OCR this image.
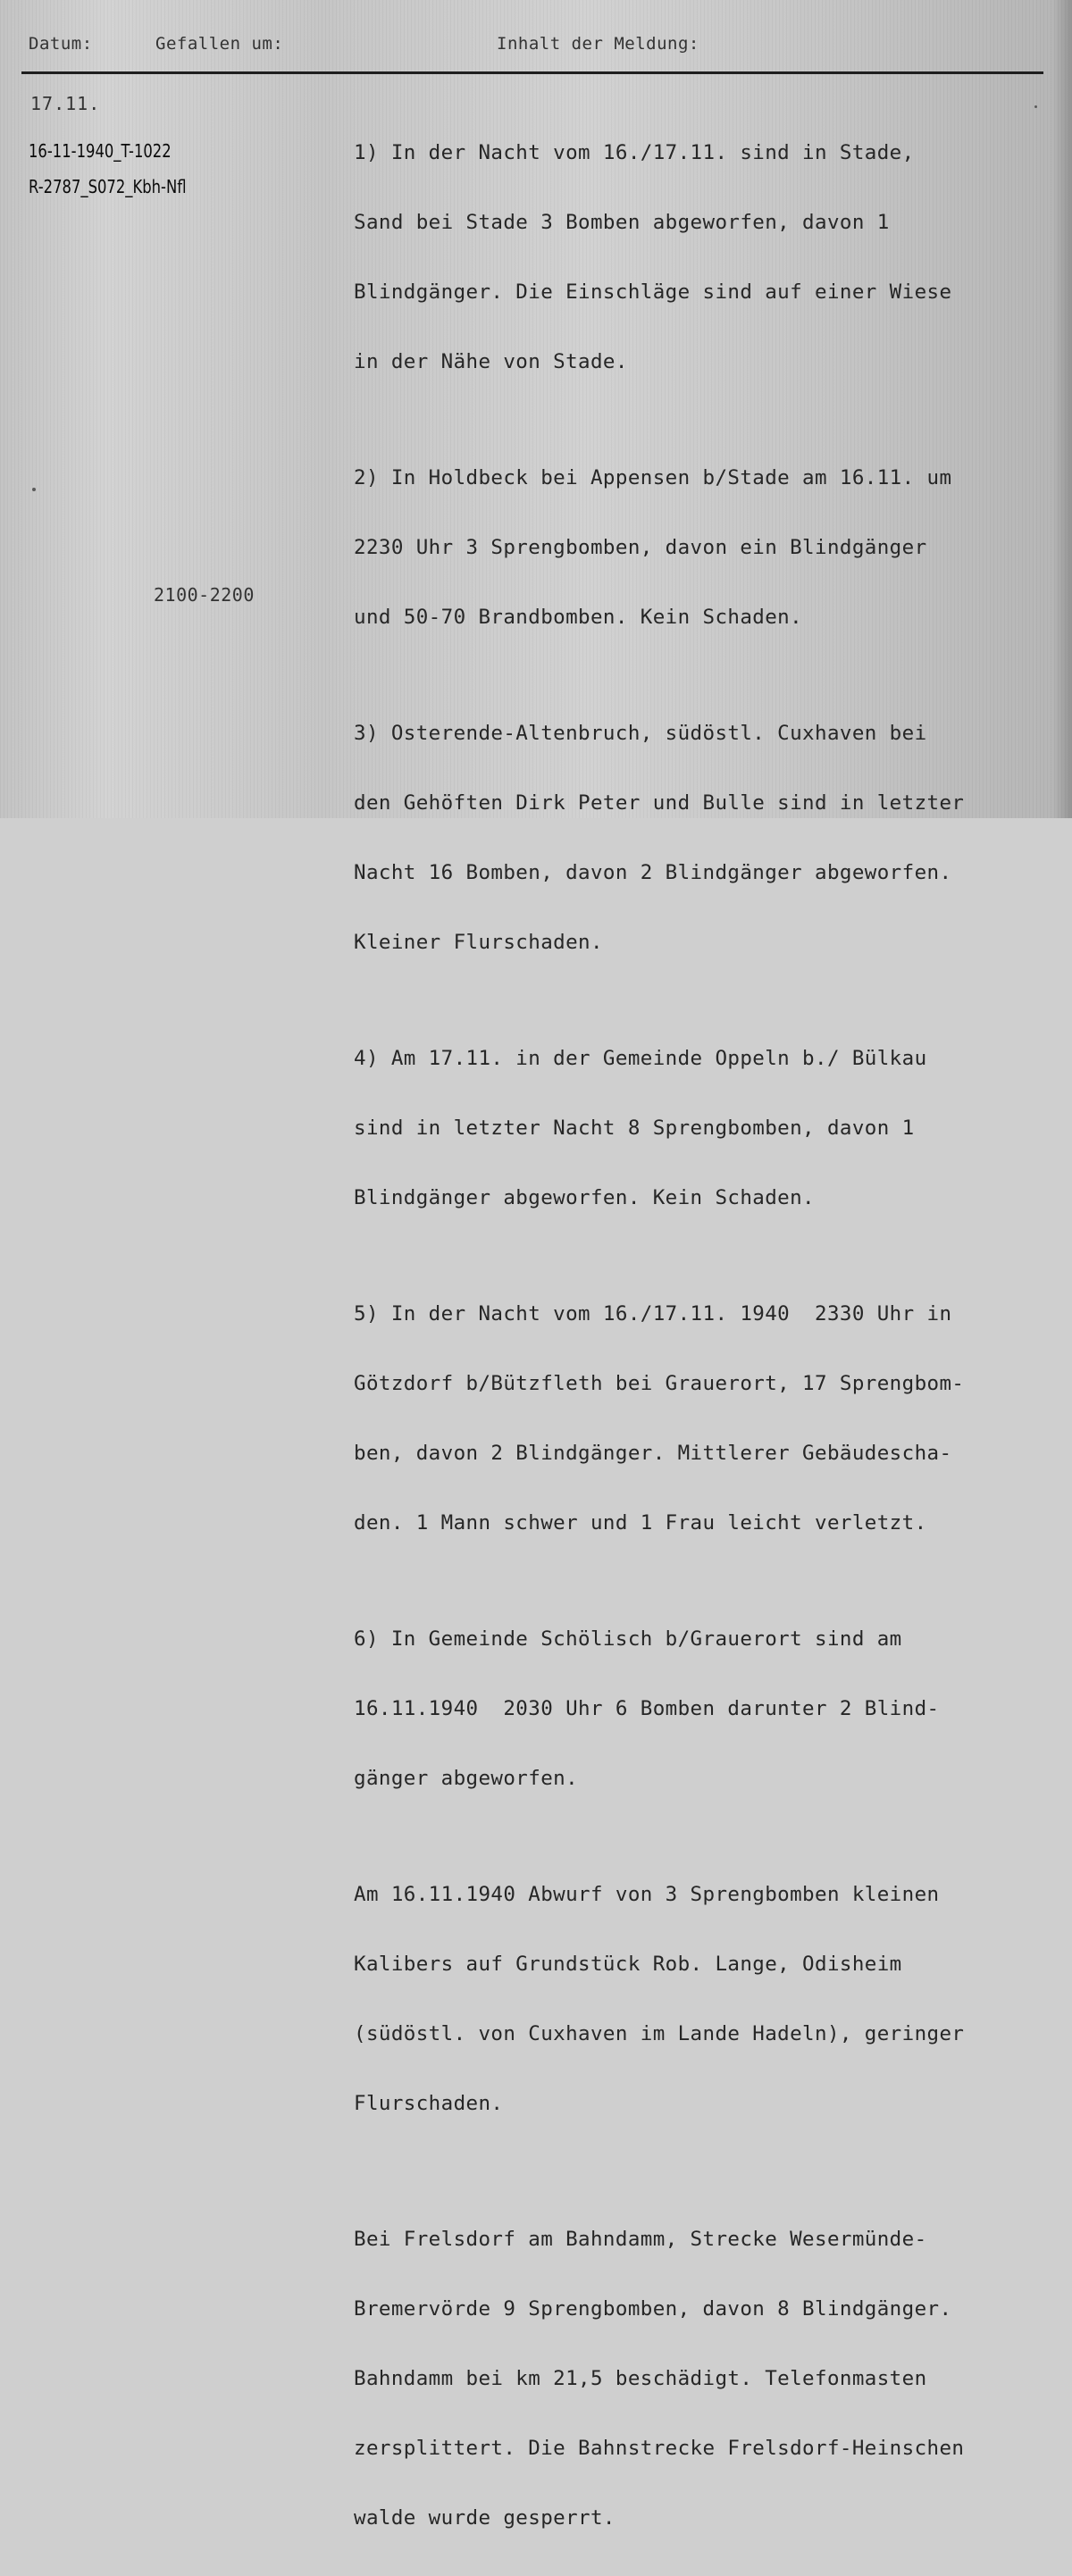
Datum:	Gefallen um:	Inhalt der Meldung:
17.11.
16-11-1940_T-1022
R-2787_S072_Kbh-Nfl
2100-2200

1) In der Nacht vom 16./17.11. sind in Stade,

Sand bei Stade 3 Bomben abgeworfen, davon 1

Blindgänger. Die Einschläge sind auf einer Wiese

in der Nähe von Stade.

2) In Holdbeck bei Appensen b/Stade am 16.11. um

2230 Uhr 3 Sprengbomben, davon ein Blindgänger

und 50-70 Brandbomben. Kein Schaden.

3) Osterende-Altenbruch, südöstl. Cuxhaven bei

den Gehöften Dirk Peter und Bulle sind in letzter

Nacht 16 Bomben, davon 2 Blindgänger abgeworfen.

Kleiner Flurschaden.

4) Am 17.11. in der Gemeinde Oppeln b./ Bülkau

sind in letzter Nacht 8 Sprengbomben, davon 1

Blindgänger abgeworfen. Kein Schaden.

5) In der Nacht vom 16./17.11. 1940  2330 Uhr in

Götzdorf b/Bützfleth bei Grauerort, 17 Sprengbom-

ben, davon 2 Blindgänger. Mittlerer Gebäudescha-

den. 1 Mann schwer und 1 Frau leicht verletzt.

6) In Gemeinde Schölisch b/Grauerort sind am

16.11.1940  2030 Uhr 6 Bomben darunter 2 Blind-

gänger abgeworfen.

Am 16.11.1940 Abwurf von 3 Sprengbomben kleinen

Kalibers auf Grundstück Rob. Lange, Odisheim

(südöstl. von Cuxhaven im Lande Hadeln), geringer

Flurschaden.

Bei Frelsdorf am Bahndamm, Strecke Wesermünde-

Bremervörde 9 Sprengbomben, davon 8 Blindgänger.

Bahndamm bei km 21,5 beschädigt. Telefonmasten

zersplittert. Die Bahnstrecke Frelsdorf-Heinschen

walde wurde gesperrt.
